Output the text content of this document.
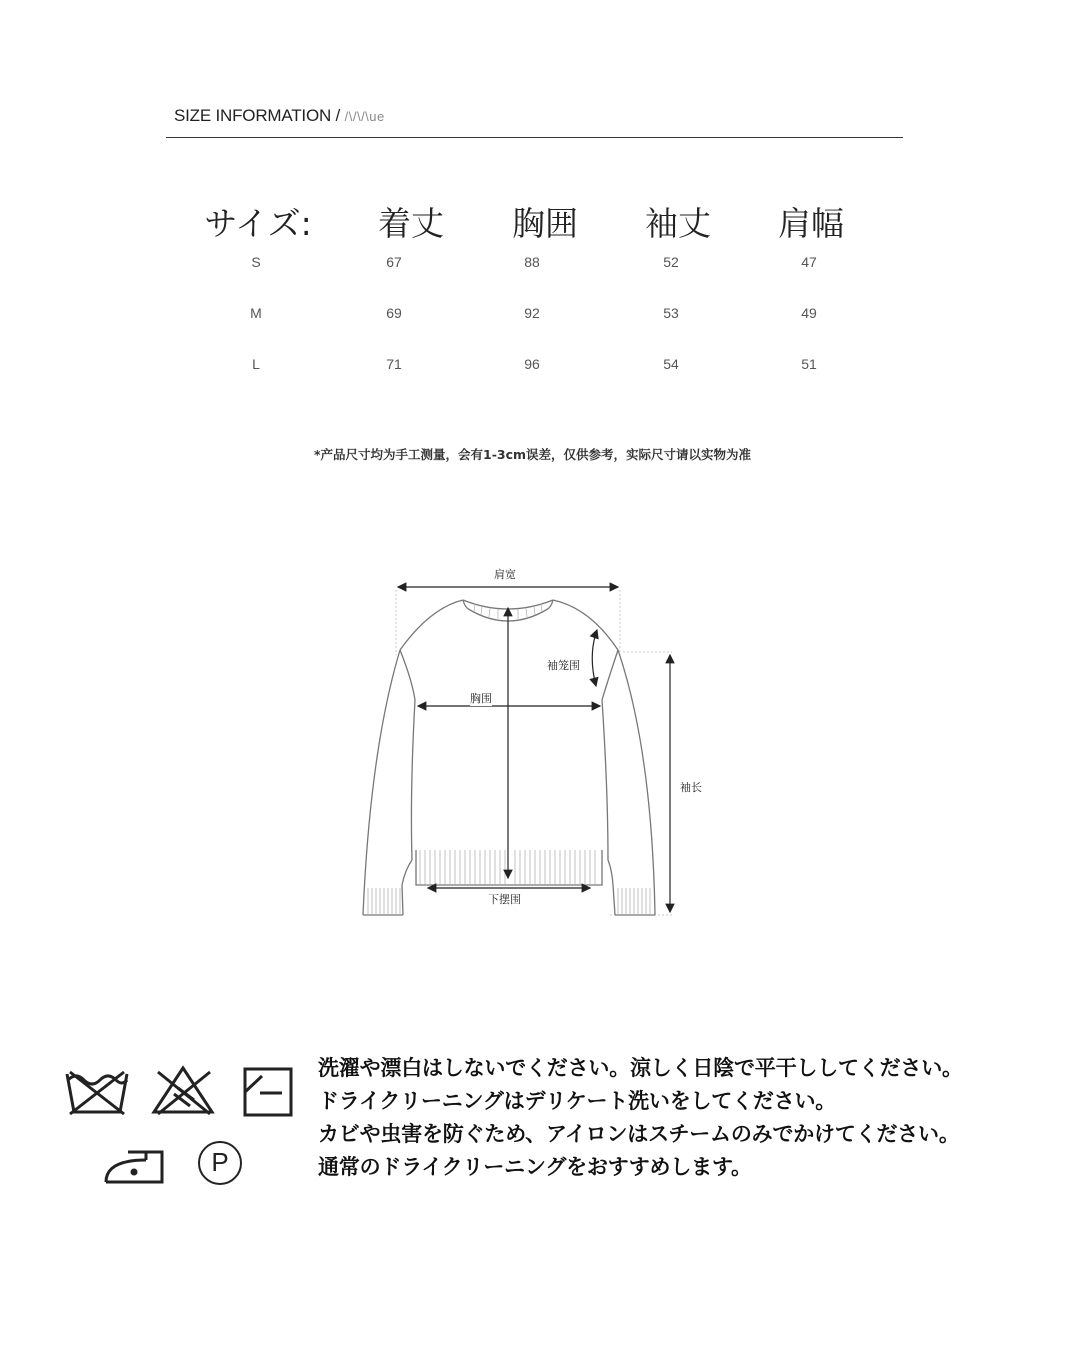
SIZE INFORMATION / /\/\/\ue
サイズ: 着丈 胸囲 袖丈 肩幅
S	67	88	52	47
M	69	92	53	49
L	71	96	54	51
*产品尺寸均为手工测量，会有1-3cm误差，仅供参考，实际尺寸请以实物为准
肩宽
袖笼围
胸围
袖长
下摆围
P
洗濯や漂白はしないでください。涼しく日陰で平干ししてください。
ドライクリーニングはデリケート洗いをしてください。
カビや虫害を防ぐため、アイロンはスチームのみでかけてください。
通常のドライクリーニングをおすすめします。
